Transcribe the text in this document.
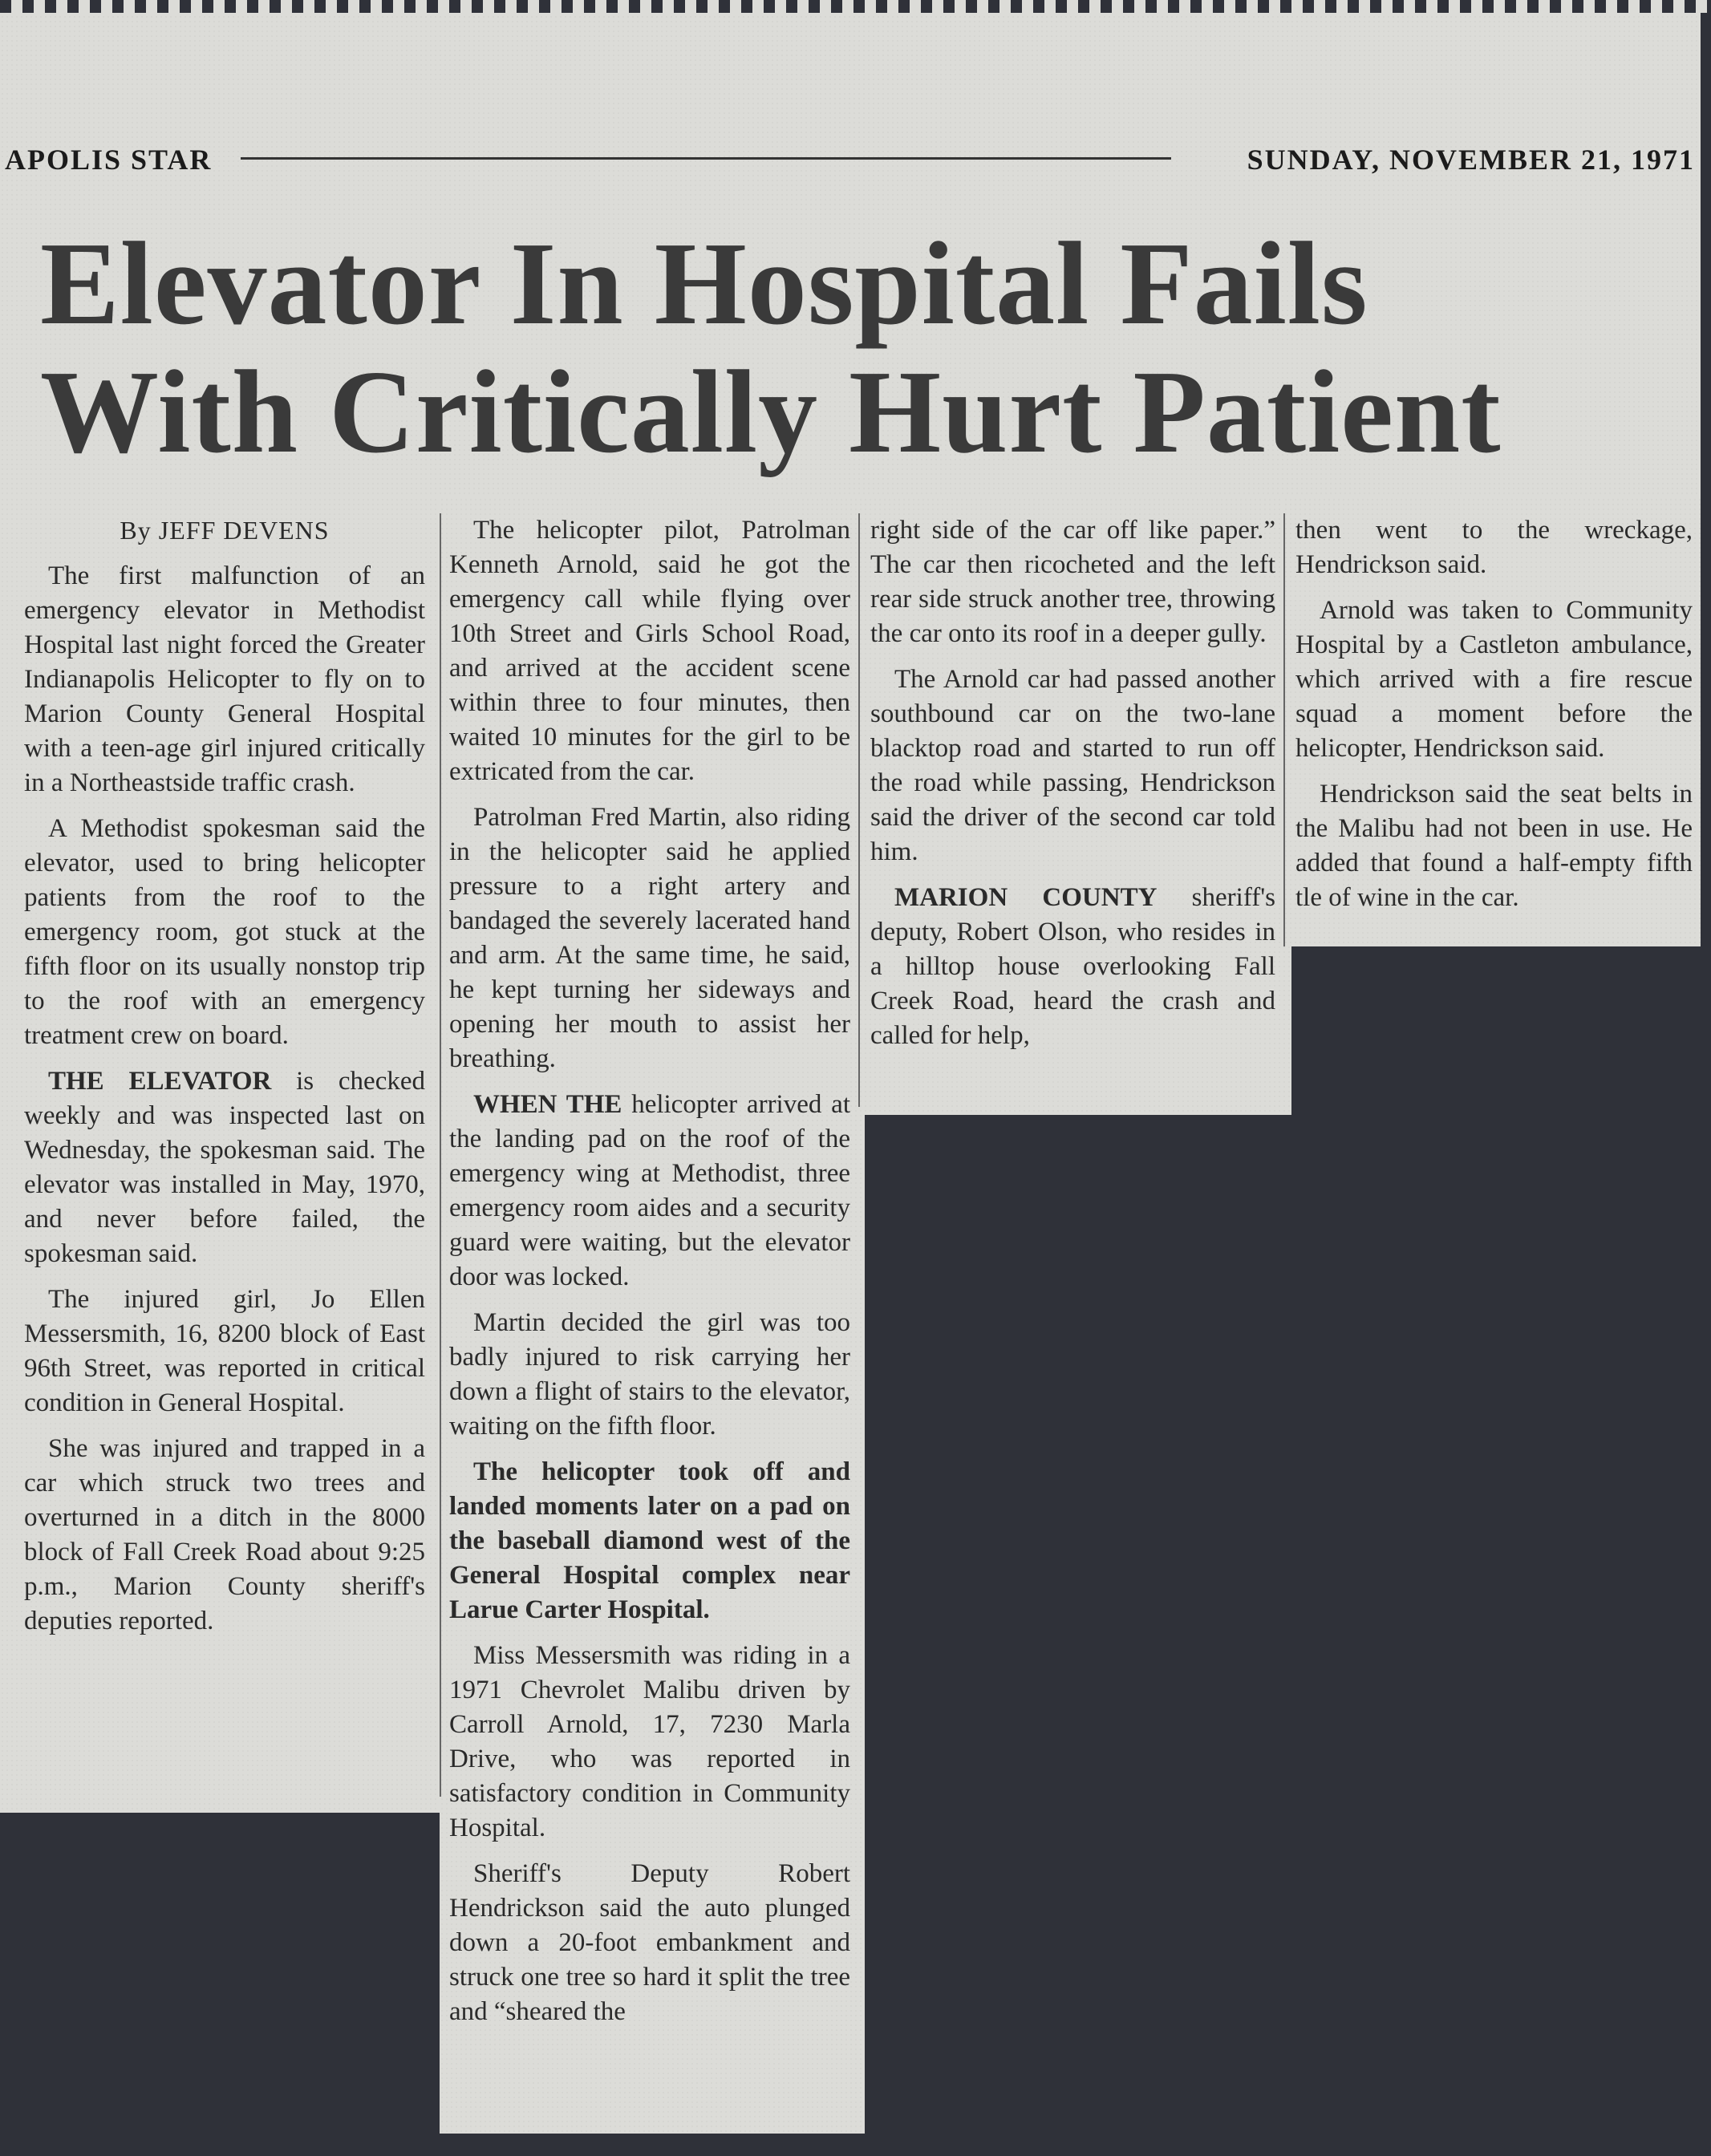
APOLIS STAR	SUNDAY, NOVEMBER 21, 1971
Elevator In Hospital Fails
With Critically Hurt Patient
By JEFF DEVENS

The first malfunction of an emergency elevator in Methodist Hospital last night forced the Greater Indianapolis Helicopter to fly on to Marion County General Hospital with a teen-age girl injured critically in a Northeastside traffic crash.

A Methodist spokesman said the elevator, used to bring helicopter patients from the roof to the emergency room, got stuck at the fifth floor on its usually nonstop trip to the roof with an emergency treatment crew on board.

THE ELEVATOR is checked weekly and was inspected last on Wednesday, the spokesman said. The elevator was installed in May, 1970, and never before failed, the spokesman said.

The injured girl, Jo Ellen Messersmith, 16, 8200 block of East 96th Street, was reported in critical condition in General Hospital.

She was injured and trapped in a car which struck two trees and overturned in a ditch in the 8000 block of Fall Creek Road about 9:25 p.m., Marion County sheriff's deputies reported.

The helicopter pilot, Patrolman Kenneth Arnold, said he got the emergency call while flying over 10th Street and Girls School Road, and arrived at the accident scene within three to four minutes, then waited 10 minutes for the girl to be extricated from the car.

Patrolman Fred Martin, also riding in the helicopter said he applied pressure to a right artery and bandaged the severely lacerated hand and arm. At the same time, he said, he kept turning her sideways and opening her mouth to assist her breathing.

WHEN THE helicopter arrived at the landing pad on the roof of the emergency wing at Methodist, three emergency room aides and a security guard were waiting, but the elevator door was locked.

Martin decided the girl was too badly injured to risk carrying her down a flight of stairs to the elevator, waiting on the fifth floor.

The helicopter took off and landed moments later on a pad on the baseball diamond west of the General Hospital complex near Larue Carter Hospital.

Miss Messersmith was riding in a 1971 Chevrolet Malibu driven by Carroll Arnold, 17, 7230 Marla Drive, who was reported in satisfactory condition in Community Hospital.

Sheriff's Deputy Robert Hendrickson said the auto plunged down a 20-foot embankment and struck one tree so hard it split the tree and “sheared the

right side of the car off like paper.” The car then ricocheted and the left rear side struck another tree, throwing the car onto its roof in a deeper gully.

The Arnold car had passed another southbound car on the two-lane blacktop road and started to run off the road while passing, Hendrickson said the driver of the second car told him.

MARION COUNTY sheriff's deputy, Robert Olson, who resides in a hilltop house overlooking Fall Creek Road, heard the crash and called for help,

then went to the wreckage, Hendrickson said.

Arnold was taken to Community Hospital by a Castleton ambulance, which arrived with a fire rescue squad a moment before the helicopter, Hendrickson said.

Hendrickson said the seat belts in the Malibu had not been in use. He added that found a half-empty fifth tle of wine in the car.
